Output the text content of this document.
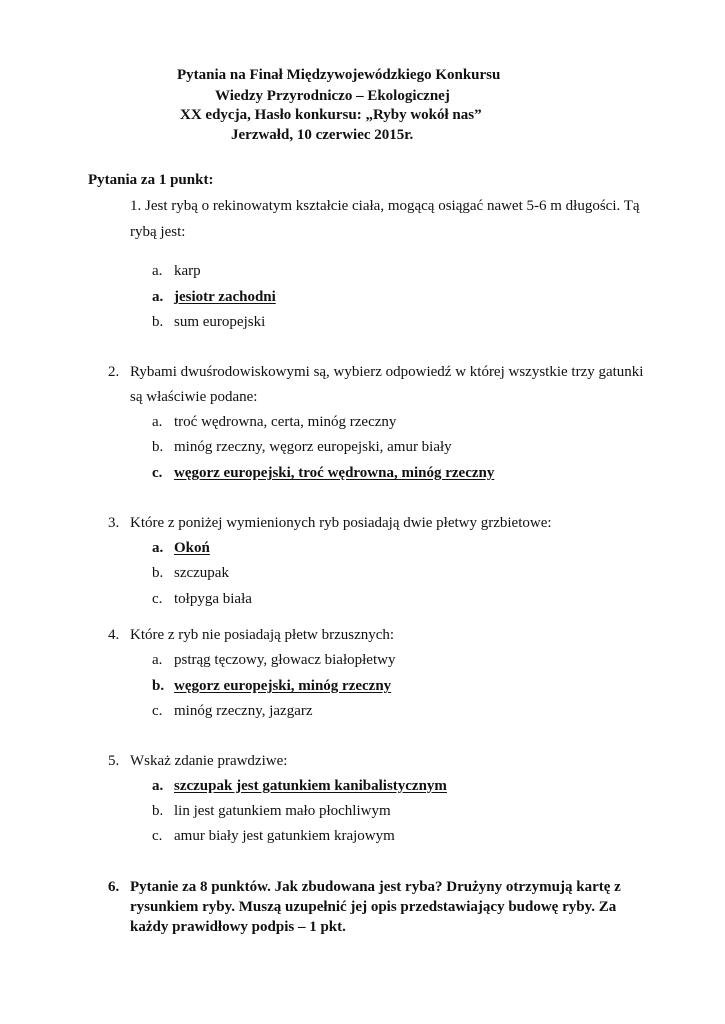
Pytania na Finał Międzywojewódzkiego Konkursu
Wiedzy Przyrodniczo – Ekologicznej
XX edycja, Hasło konkursu: „Ryby wokół nas”
Jerzwałd, 10 czerwiec 2015r.
Pytania za 1 punkt:
1. Jest rybą o rekinowatym kształcie ciała, mogącą osiągać nawet 5-6 m długości. Tą
rybą jest:
a. karp
a. jesiotr zachodni
b. sum europejski
2. Rybami dwuśrodowiskowymi są, wybierz odpowiedź w której wszystkie trzy gatunki
są właściwie podane:
a. troć wędrowna, certa, minóg rzeczny
b. minóg rzeczny, węgorz europejski, amur biały
c. węgorz europejski, troć wędrowna, minóg rzeczny
3. Które z poniżej wymienionych ryb posiadają dwie płetwy grzbietowe:
a. Okoń
b. szczupak
c. tołpyga biała
4. Które z ryb nie posiadają płetw brzusznych:
a. pstrąg tęczowy, głowacz białopłetwy
b. węgorz europejski, minóg rzeczny
c. minóg rzeczny, jazgarz
5. Wskaż zdanie prawdziwe:
a. szczupak jest gatunkiem kanibalistycznym
b. lin jest gatunkiem mało płochliwym
c. amur biały jest gatunkiem krajowym
6. Pytanie za 8 punktów. Jak zbudowana jest ryba? Drużyny otrzymują kartę z
rysunkiem ryby. Muszą uzupełnić jej opis przedstawiający budowę ryby. Za
każdy prawidłowy podpis – 1 pkt.
